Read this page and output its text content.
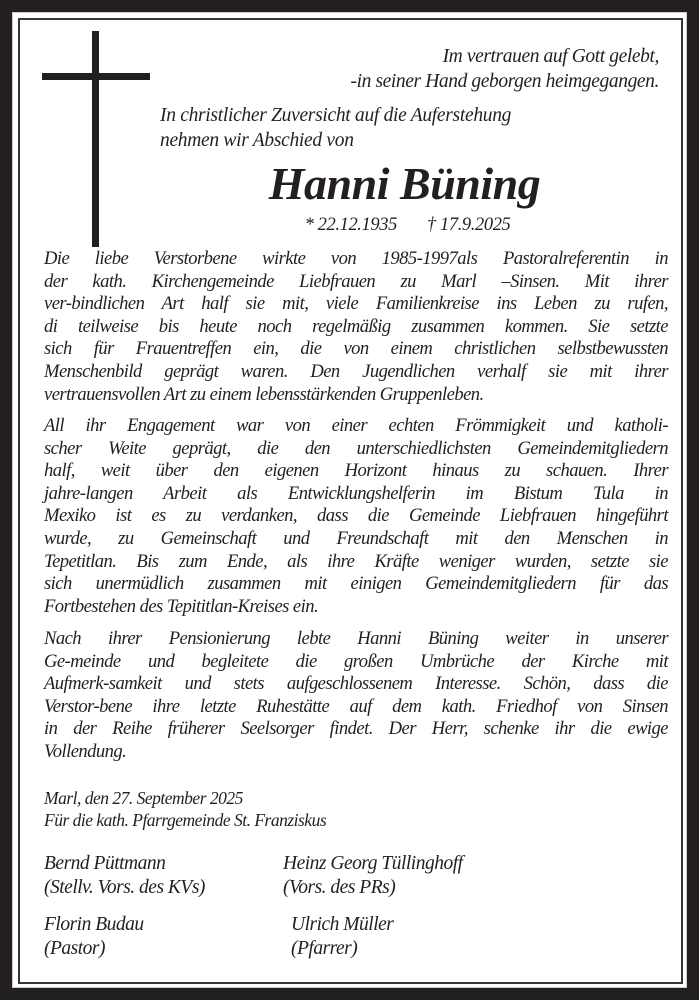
Im vertrauen auf Gott gelebt,
-in seiner Hand geborgen heimgegangen.
In christlicher Zuversicht auf die Auferstehung
nehmen wir Abschied von
Hanni Büning
* 22.12.1935 † 17.9.2025
Die liebe Verstorbene wirkte von 1985-1997als Pastoralreferentin in
der kath. Kirchengemeinde Liebfrauen zu Marl –Sinsen. Mit ihrer
ver-bindlichen Art half sie mit, viele Familienkreise ins Leben zu rufen,
di teilweise bis heute noch regelmäßig zusammen kommen. Sie setzte
sich für Frauentreffen ein, die von einem christlichen selbstbewussten
Menschenbild geprägt waren. Den Jugendlichen verhalf sie mit ihrer
vertrauensvollen Art zu einem lebensstärkenden Gruppenleben.
All ihr Engagement war von einer echten Frömmigkeit und katholi-
scher Weite geprägt, die den unterschiedlichsten Gemeindemitgliedern
half, weit über den eigenen Horizont hinaus zu schauen. Ihrer
jahre-langen Arbeit als Entwicklungshelferin im Bistum Tula in
Mexiko ist es zu verdanken, dass die Gemeinde Liebfrauen hingeführt
wurde, zu Gemeinschaft und Freundschaft mit den Menschen in
Tepetitlan. Bis zum Ende, als ihre Kräfte weniger wurden, setzte sie
sich unermüdlich zusammen mit einigen Gemeindemitgliedern für das
Fortbestehen des Tepititlan-Kreises ein.
Nach ihrer Pensionierung lebte Hanni Büning weiter in unserer
Ge-meinde und begleitete die großen Umbrüche der Kirche mit
Aufmerk-samkeit und stets aufgeschlossenem Interesse. Schön, dass die
Verstor-bene ihre letzte Ruhestätte auf dem kath. Friedhof von Sinsen
in der Reihe früherer Seelsorger findet. Der Herr, schenke ihr die ewige
Vollendung.
Marl, den 27. September 2025
Für die kath. Pfarrgemeinde St. Franziskus
Bernd Püttmann
(Stellv. Vors. des KVs)
Heinz Georg Tüllinghoff
(Vors. des PRs)
Florin Budau
(Pastor)
Ulrich Müller
(Pfarrer)
